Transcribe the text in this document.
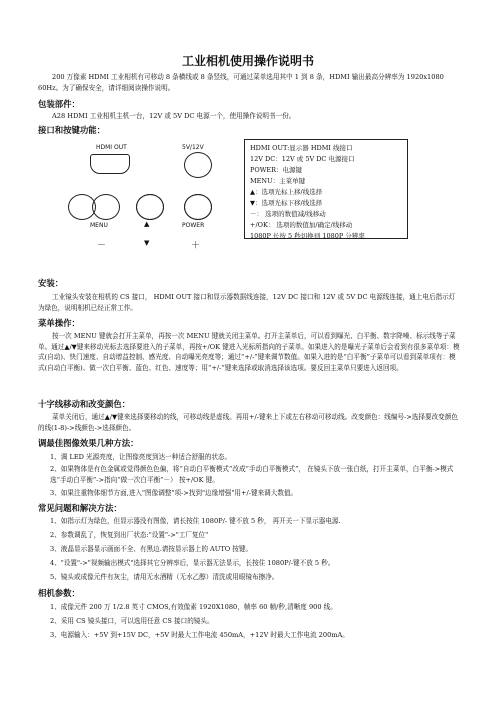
工业相机使用操作说明书
200 万像素 HDMI 工业相机有可移动 8 条横线或 8 条竖线，可通过菜单选用其中 1 到 8 条，HDMI 输出最高分辨率为 1920x1080 60Hz。为了确保安全，请详细阅读操作说明。
包装部件：
A28 HDMI 工业相机主机一台，12V 或 5V DC 电源一个，使用操作说明书一份。
接口和按键功能：
HDMI OUT	5V/12V
MENU	▲	POWER
－	▼	＋
HDMI OUT:显示器 HDMI 线接口
12V DC：12V 或 5V DC 电源接口
POWER：电源键
MENU：主菜单键
▲：选项光标上移/线选择
▼：选项光标下移/线选择
－： 选项的数值减/线移动
+/OK： 选项的数值加/确定/线移动
1080P 长按 5 秒切换到 1080P 分辨率
安装：
工业镜头安装在相机的 CS 接口， HDMI OUT 接口和显示器数据线连接，12V DC 接口和 12V 或 5V DC 电源线连接，通上电后指示灯为绿色，说明相机已经正常工作。
菜单操作：
按一次 MENU 键就会打开主菜单，再按一次 MENU 键就关闭主菜单。打开主菜单后，可以看到曝光、白平衡、数字降噪、标示线等子菜单。通过▲/▼键来移动光标去选择要进入的子菜单，再按+/OK 键进入光标所指向的子菜单。如果进入的是曝光子菜单后会看到有很多菜单项：模式(自动)、快门速度、自动增益控制、感光度、自动曝光亮度等；通过“+/-”键来调节数值。如果入进的是“白平衡”子菜单可以看到菜单项有：模式(自动白平衡)、做一次白平衡、蓝色、红色、速度等；用“+/-”键来选择或取消选择该选项。要反回主菜单只要进入返回项。
十字线移动和改变颜色：
菜单关闭后，通过▲/▼键来选择要移动的线，可移动线是虚线。再用+/-键来上下或左右移动可移动线。改变颜色：线编号->选择要改变颜色的线(1-8)->线颜色->选择颜色。
调最佳图像效果几种方法：
1、调 LED 光源亮度，让图像亮度到达一种适合舒服的状态。
2、如果物体是有色金属或觉得颜色色偏，将“自动白平衡模式”改成“手动白平衡模式”， 在镜头下放一张白纸，打开主菜单，白平衡->模式选“手动白平衡”->指向“做一次白平衡”－） 按+/OK 键。
3、如果注重物体细节方面,进入"图像调整"项->找到"边缘增强"用+/-键来调大数值。
常见问题和解决方法：
1、如指示灯为绿色，但显示器没有图像，请长按住 1080P/- 键不放 5 秒， 再开关一下显示器电源.
2、参数调乱了，恢复到出厂状态:"设置"->"工厂复位"
3、液晶显示器显示画面不全、有黑边.请按显示器上的 AUTO 按键。
4、"设置"->"视频输出模式"选择其它分辨率后，显示器无法显示，长按住 1080P/-键不放 5 秒。
5、镜头或成像元件有灰尘，请用无水酒精（无水乙醇）清洗或用眼镜布擦净。
相机参数：
1、成像元件 200 万 1/2.8 英寸 CMOS,有效像素 1920X1080，帧率 60 帧/秒,清晰度 900 线。
2、采用 CS 镜头接口，可以选用任意 CS 接口的镜头。
3、电源输入：+5V 到+15V DC，+5V 时最大工作电流 450mA，+12V 时最大工作电流 200mA。
